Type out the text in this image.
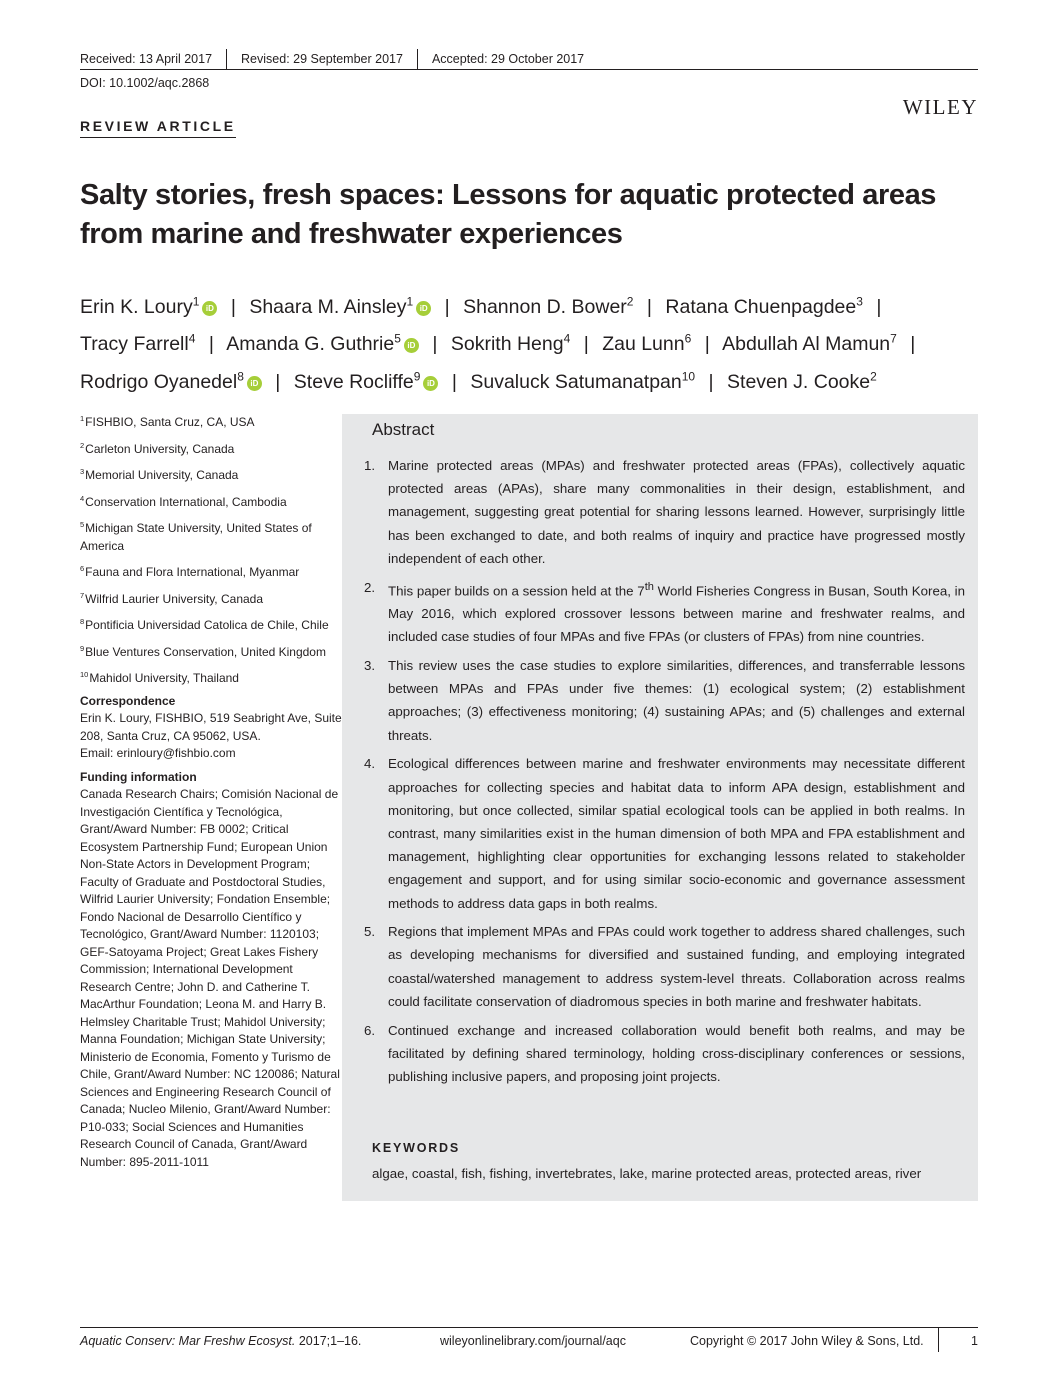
Received: 13 April 2017	Revised: 29 September 2017	Accepted: 29 October 2017
DOI: 10.1002/aqc.2868
WILEY
REVIEW ARTICLE
Salty stories, fresh spaces: Lessons for aquatic protected areas from marine and freshwater experiences
Erin K. Loury$^1$ iD | Shaara M. Ainsley$^1$ iD | Shannon D. Bower$^2$ | Ratana Chuenpagdee$^3$ | Tracy Farrell$^4$ | Amanda G. Guthrie$^5$ iD | Sokrith Heng$^4$ | Zau Lunn$^6$ | Abdullah Al Mamun$^7$ | Rodrigo Oyanedel$^8$ iD | Steve Rocliffe$^9$ iD | Suvaluck Satumanatpan$^{10}$ | Steven J. Cooke$^2$

$^1$FISHBIO, Santa Cruz, CA, USA

$^2$Carleton University, Canada

$^3$Memorial University, Canada

$^4$Conservation International, Cambodia

$^5$Michigan State University, United States of America

$^6$Fauna and Flora International, Myanmar

$^7$Wilfrid Laurier University, Canada

$^8$Pontificia Universidad Catolica de Chile, Chile

$^9$Blue Ventures Conservation, United Kingdom

$^{10}$Mahidol University, Thailand

Correspondence

Erin K. Loury, FISHBIO, 519 Seabright Ave, Suite 208, Santa Cruz, CA 95062, USA.

Email: erinloury@fishbio.com

Funding information

Canada Research Chairs; Comisión Nacional de Investigación Científica y Tecnológica, Grant/Award Number: FB 0002; Critical Ecosystem Partnership Fund; European Union Non-State Actors in Development Program; Faculty of Graduate and Postdoctoral Studies, Wilfrid Laurier University; Fondation Ensemble; Fondo Nacional de Desarrollo Científico y Tecnológico, Grant/Award Number: 1120103; GEF-Satoyama Project; Great Lakes Fishery Commission; International Development Research Centre; John D. and Catherine T. MacArthur Foundation; Leona M. and Harry B. Helmsley Charitable Trust; Mahidol University; Manna Foundation; Michigan State University; Ministerio de Economia, Fomento y Turismo de Chile, Grant/Award Number: NC 120086; Natural Sciences and Engineering Research Council of Canada; Nucleo Milenio, Grant/Award Number: P10-033; Social Sciences and Humanities Research Council of Canada, Grant/Award Number: 895-2011-1011

Abstract
1. Marine protected areas (MPAs) and freshwater protected areas (FPAs), collectively aquatic protected areas (APAs), share many commonalities in their design, establishment, and management, suggesting great potential for sharing lessons learned. However, surprisingly little has been exchanged to date, and both realms of inquiry and practice have progressed mostly independent of each other.
2. This paper builds on a session held at the 7th World Fisheries Congress in Busan, South Korea, in May 2016, which explored crossover lessons between marine and freshwater realms, and included case studies of four MPAs and five FPAs (or clusters of FPAs) from nine countries.
3. This review uses the case studies to explore similarities, differences, and transferrable lessons between MPAs and FPAs under five themes: (1) ecological system; (2) establishment approaches; (3) effectiveness monitoring; (4) sustaining APAs; and (5) challenges and external threats.
4. Ecological differences between marine and freshwater environments may necessitate different approaches for collecting species and habitat data to inform APA design, establishment and monitoring, but once collected, similar spatial ecological tools can be applied in both realms. In contrast, many similarities exist in the human dimension of both MPA and FPA establishment and management, highlighting clear opportunities for exchanging lessons related to stakeholder engagement and support, and for using similar socio-economic and governance assessment methods to address data gaps in both realms.
5. Regions that implement MPAs and FPAs could work together to address shared challenges, such as developing mechanisms for diversified and sustained funding, and employing integrated coastal/watershed management to address system-level threats. Collaboration across realms could facilitate conservation of diadromous species in both marine and freshwater habitats.
6. Continued exchange and increased collaboration would benefit both realms, and may be facilitated by defining shared terminology, holding cross-disciplinary conferences or sessions, publishing inclusive papers, and proposing joint projects.
KEYWORDS
algae, coastal, fish, fishing, invertebrates, lake, marine protected areas, protected areas, river
Aquatic Conserv: Mar Freshw Ecosyst. 2017;1–16.	wileyonlinelibrary.com/journal/aqc	Copyright © 2017 John Wiley & Sons, Ltd.	1
